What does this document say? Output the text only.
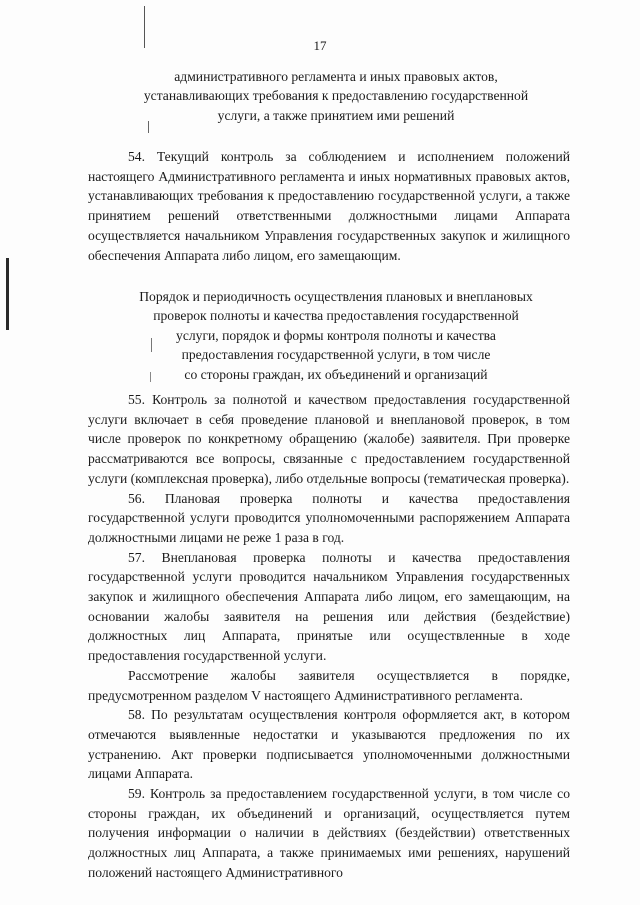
17
административного регламента и иных правовых актов,
устанавливающих требования к предоставлению государственной
услуги, а также принятием ими решений

54. Текущий контроль за соблюдением и исполнением положений настоящего Административного регламента и иных нормативных правовых актов, устанавливающих требования к предоставлению государственной услуги, а также принятием решений ответственными должностными лицами Аппарата осуществляется начальником Управления государственных закупок и жилищного обеспечения Аппарата либо лицом, его замещающим.

Порядок и периодичность осуществления плановых и внеплановых
проверок полноты и качества предоставления государственной
услуги, порядок и формы контроля полноты и качества
предоставления государственной услуги, в том числе
со стороны граждан, их объединений и организаций

55. Контроль за полнотой и качеством предоставления государственной услуги включает в себя проведение плановой и внеплановой проверок, в том числе проверок по конкретному обращению (жалобе) заявителя. При проверке рассматриваются все вопросы, связанные с предоставлением государственной услуги (комплексная проверка), либо отдельные вопросы (тематическая проверка).

56. Плановая проверка полноты и качества предоставления государственной услуги проводится уполномоченными распоряжением Аппарата должностными лицами не реже 1 раза в год.

57. Внеплановая проверка полноты и качества предоставления государственной услуги проводится начальником Управления государственных закупок и жилищного обеспечения Аппарата либо лицом, его замещающим, на основании жалобы заявителя на решения или действия (бездействие) должностных лиц Аппарата, принятые или осуществленные в ходе предоставления государственной услуги.

Рассмотрение жалобы заявителя осуществляется в порядке, предусмотренном разделом V настоящего Административного регламента.

58. По результатам осуществления контроля оформляется акт, в котором отмечаются выявленные недостатки и указываются предложения по их устранению. Акт проверки подписывается уполномоченными должностными лицами Аппарата.

59. Контроль за предоставлением государственной услуги, в том числе со стороны граждан, их объединений и организаций, осуществляется путем получения информации о наличии в действиях (бездействии) ответственных должностных лиц Аппарата, а также принимаемых ими решениях, нарушений положений настоящего Административного
